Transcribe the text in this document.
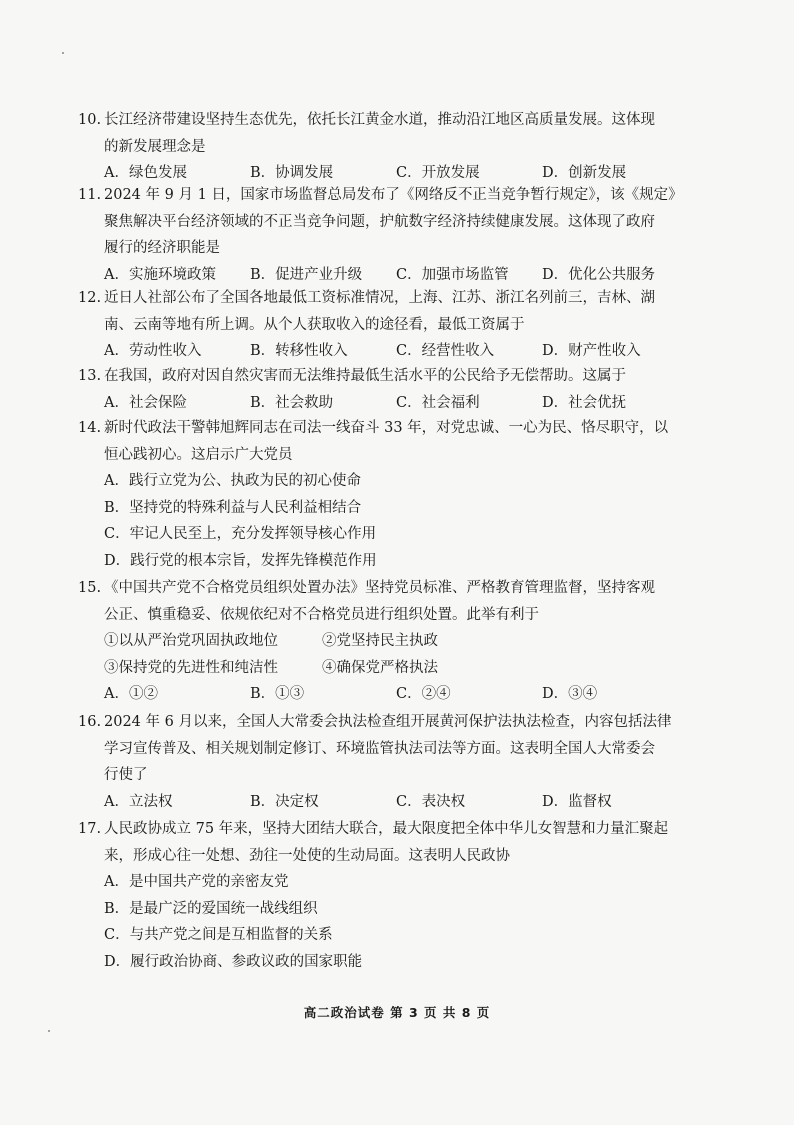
10. 长江经济带建设坚持生态优先，依托长江黄金水道，推动沿江地区高质量发展。这体现
的新发展理念是
A．绿色发展	B．协调发展	C．开放发展	D．创新发展
11. 2024 年 9 月 1 日，国家市场监督总局发布了《网络反不正当竞争暂行规定》，该《规定》
聚焦解决平台经济领域的不正当竞争问题，护航数字经济持续健康发展。这体现了政府
履行的经济职能是
A．实施环境政策	B．促进产业升级	C．加强市场监管	D．优化公共服务
12. 近日人社部公布了全国各地最低工资标准情况，上海、江苏、浙江名列前三，吉林、湖
南、云南等地有所上调。从个人获取收入的途径看，最低工资属于
A．劳动性收入	B．转移性收入	C．经营性收入	D．财产性收入
13. 在我国，政府对因自然灾害而无法维持最低生活水平的公民给予无偿帮助。这属于
A．社会保险	B．社会救助	C．社会福利	D．社会优抚
14. 新时代政法干警韩旭辉同志在司法一线奋斗 33 年，对党忠诚、一心为民、恪尽职守，以
恒心践初心。这启示广大党员
A．践行立党为公、执政为民的初心使命
B．坚持党的特殊利益与人民利益相结合
C．牢记人民至上，充分发挥领导核心作用
D．践行党的根本宗旨，发挥先锋模范作用
15. 《中国共产党不合格党员组织处置办法》坚持党员标准、严格教育管理监督，坚持客观
公正、慎重稳妥、依规依纪对不合格党员进行组织处置。此举有利于
①以从严治党巩固执政地位	②党坚持民主执政
③保持党的先进性和纯洁性	④确保党严格执法
A．①②	B．①③	C．②④	D．③④
16. 2024 年 6 月以来，全国人大常委会执法检查组开展黄河保护法执法检查，内容包括法律
学习宣传普及、相关规划制定修订、环境监管执法司法等方面。这表明全国人大常委会
行使了
A．立法权	B．决定权	C．表决权	D．监督权
17. 人民政协成立 75 年来，坚持大团结大联合，最大限度把全体中华儿女智慧和力量汇聚起
来，形成心往一处想、劲往一处使的生动局面。这表明人民政协
A．是中国共产党的亲密友党
B．是最广泛的爱国统一战线组织
C．与共产党之间是互相监督的关系
D．履行政治协商、参政议政的国家职能
高二政治试卷 第 3 页 共 8 页
